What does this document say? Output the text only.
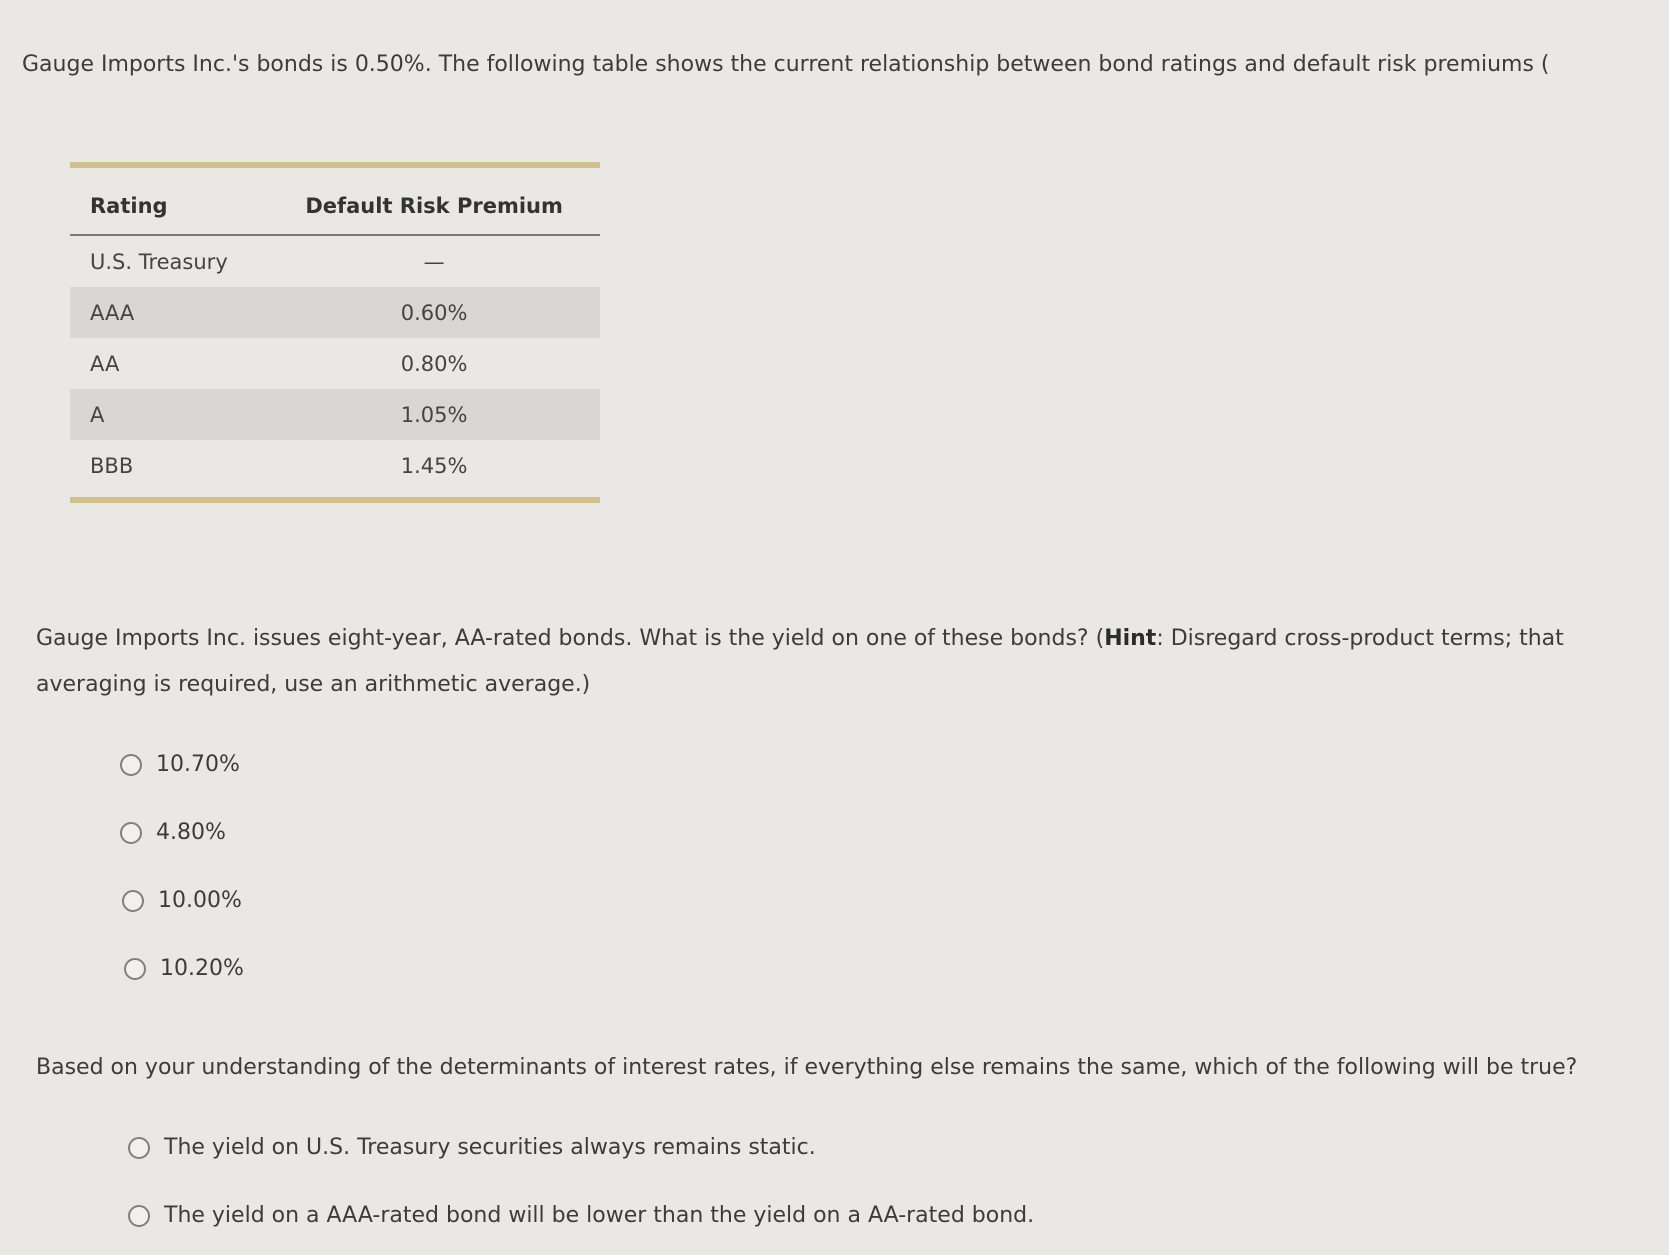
Gauge Imports Inc.'s bonds is 0.50%. The following table shows the current relationship between bond ratings and default risk premiums (

Rating	Default Risk Premium
U.S. Treasury	—
AAA	0.60%
AA	0.80%
A	1.05%
BBB	1.45%

Gauge Imports Inc. issues eight-year, AA-rated bonds. What is the yield on one of these bonds? (Hint: Disregard cross-product terms; that averaging is required, use an arithmetic average.)
10.70%
4.80%
10.00%
10.20%
Based on your understanding of the determinants of interest rates, if everything else remains the same, which of the following will be true?
The yield on U.S. Treasury securities always remains static.
The yield on a AAA-rated bond will be lower than the yield on a AA-rated bond.
